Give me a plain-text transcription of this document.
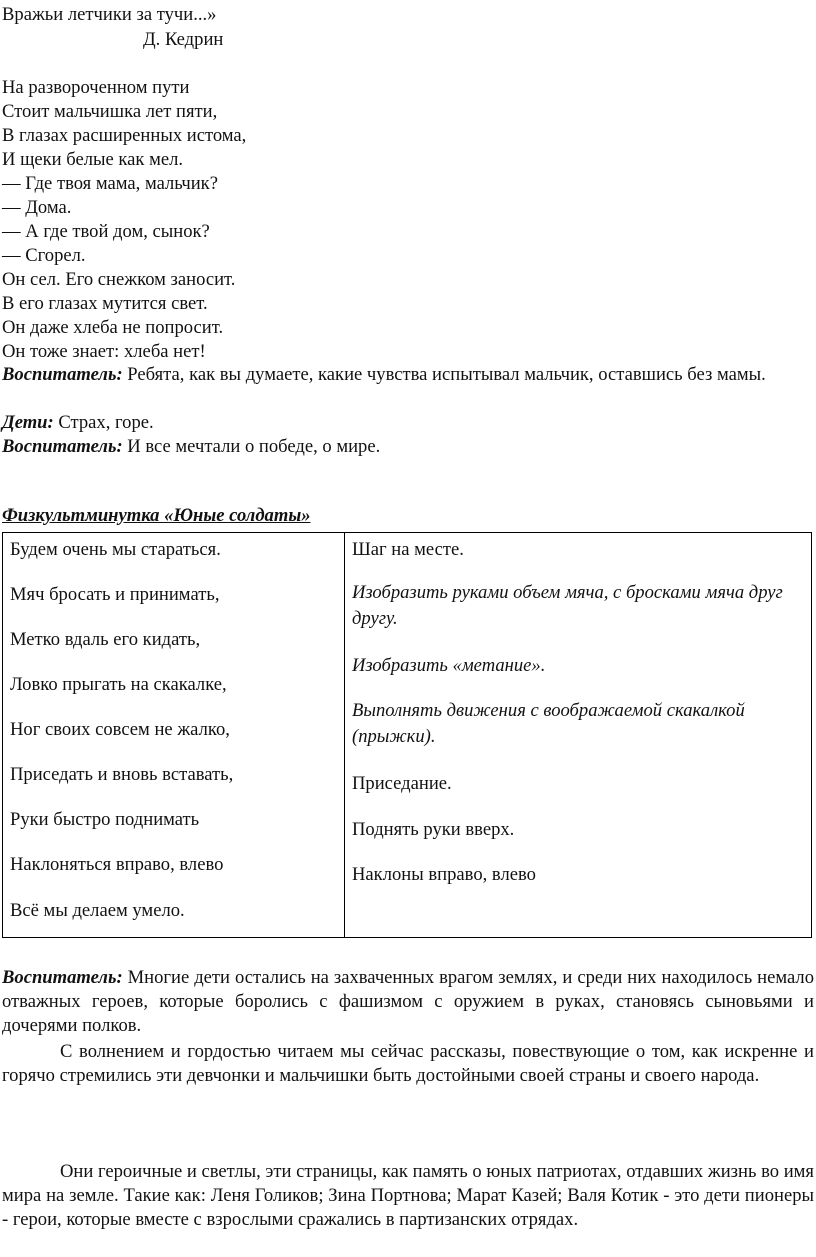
Вражьи летчики за тучи...»
Д. Кедрин
На развороченном пути
Стоит мальчишка лет пяти,
В глазах расширенных истома,
И щеки белые как мел.
— Где твоя мама, мальчик?
— Дома.
— А где твой дом, сынок?
— Сгорел.
Он сел. Его снежком заносит.
В его глазах мутится свет.
Он даже хлеба не попросит.
Он тоже знает: хлеба нет!

Воспитатель: Ребята, как вы думаете, какие чувства испытывал мальчик, оставшись без мамы.

Дети: Страх, горе.

Воспитатель: И все мечтали о победе, о мире.

Физкультминутка «Юные солдаты»
Будем очень мы стараться.
Мяч бросать и принимать,
Метко вдаль его кидать,
Ловко прыгать на скакалке,
Ног своих совсем не жалко,
Приседать и вновь вставать,
Руки быстро поднимать
Наклоняться вправо, влево
Всё мы делаем умело.
Шаг на месте.
Изобразить руками объем мяча, с бросками мяча друг другу.
Изобразить «метание».
Выполнять движения с воображаемой скакалкой (прыжки).
Приседание.
Поднять руки вверх.
Наклоны вправо, влево

Воспитатель: Многие дети остались на захваченных врагом землях, и среди них находилось немало отважных героев, которые боролись с фашизмом с оружием в руках, становясь сыновьями и дочерями полков.

С волнением и гордостью читаем мы сейчас рассказы, повествующие о том, как искренне и горячо стремились эти девчонки и мальчишки быть достойными своей страны и своего народа.

Они героичные и светлы, эти страницы, как память о юных патриотах, отдавших жизнь во имя мира на земле. Такие как: Леня Голиков; Зина Портнова; Марат Казей; Валя Котик - это дети пионеры - герои, которые вместе с взрослыми сражались в партизанских отрядах.
